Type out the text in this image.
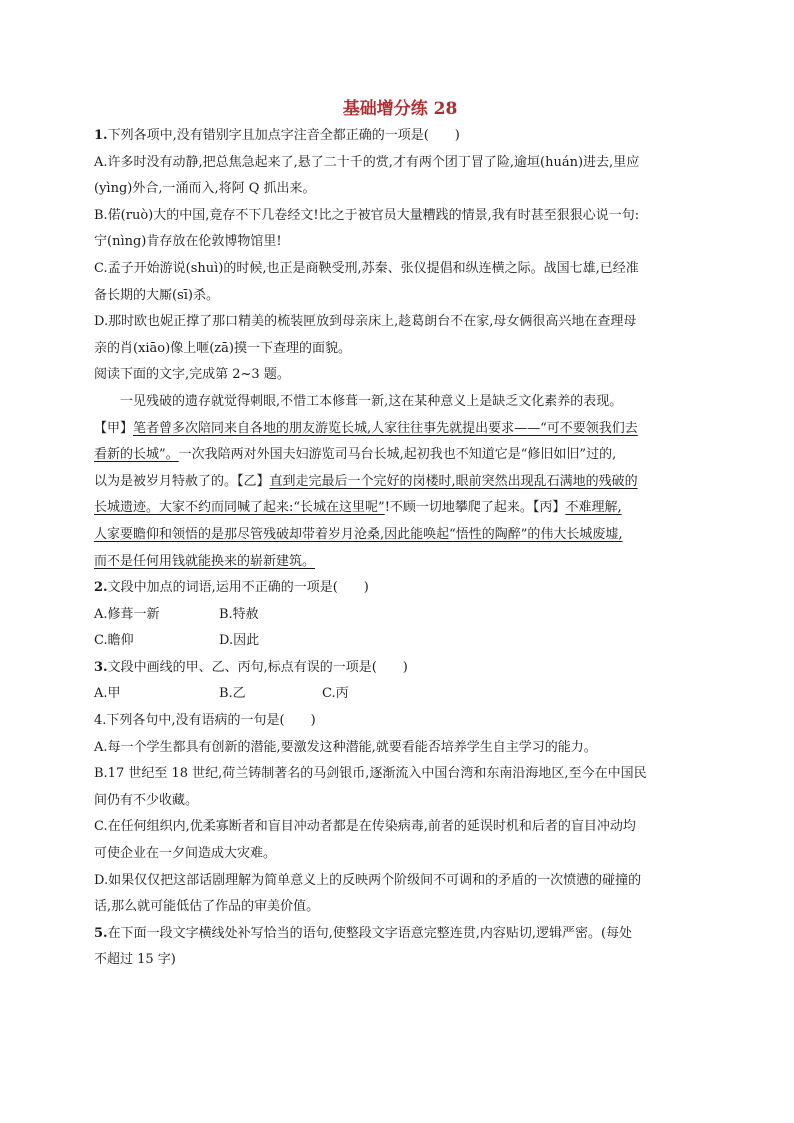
基础增分练 28
1.下列各项中,没有错别字且加点字注音全都正确的一项是(　　)
A.许多时没有动静,把总焦急起来了,悬了二十千的赏,才有两个团丁冒了险,逾垣(huán)进去,里应
(yìng)外合,一涌而入,将阿 Q 抓出来。
B.偌(ruò)大的中国,竟存不下几卷经文!比之于被官员大量糟践的情景,我有时甚至狠狠心说一句:
宁(nìng)肯存放在伦敦博物馆里!
C.孟子开始游说(shuì)的时候,也正是商鞅受刑,苏秦、张仪提倡和纵连横之际。战国七雄,已经准
备长期的大厮(sī)杀。
D.那时欧也妮正撑了那口精美的梳装匣放到母亲床上,趁葛朗台不在家,母女俩很高兴地在查理母
亲的肖(xiāo)像上咂(zā)摸一下查理的面貌。
阅读下面的文字,完成第 2~3 题。
一见残破的遗存就觉得刺眼,不惜工本修葺一新,这在某种意义上是缺乏文化素养的表现。
【甲】笔者曾多次陪同来自各地的朋友游览长城,人家往往事先就提出要求——“可不要领我们去
看新的长城”。一次我陪两对外国夫妇游览司马台长城,起初我也不知道它是“修旧如旧”过的,
以为是被岁月特赦了的。【乙】直到走完最后一个完好的岗楼时,眼前突然出现乱石满地的残破的
长城遗迹。大家不约而同喊了起来:“长城在这里呢”!不顾一切地攀爬了起来。【丙】不难理解,
人家要瞻仰和领悟的是那尽管残破却带着岁月沧桑,因此能唤起“悟性的陶醉”的伟大长城废墟,
而不是任何用钱就能换来的崭新建筑。
2.文段中加点的词语,运用不正确的一项是(　　)
A.修葺一新	B.特赦
C.瞻仰	D.因此
3.文段中画线的甲、乙、丙句,标点有误的一项是(　　)
A.甲	B.乙	C.丙
4.下列各句中,没有语病的一句是(　　)
A.每一个学生都具有创新的潜能,要激发这种潜能,就要看能否培养学生自主学习的能力。
B.17 世纪至 18 世纪,荷兰铸制著名的马剑银币,逐渐流入中国台湾和东南沿海地区,至今在中国民
间仍有不少收藏。
C.在任何组织内,优柔寡断者和盲目冲动者都是在传染病毒,前者的延误时机和后者的盲目冲动均
可使企业在一夕间造成大灾难。
D.如果仅仅把这部话剧理解为简单意义上的反映两个阶级间不可调和的矛盾的一次愤懑的碰撞的
话,那么就可能低估了作品的审美价值。
5.在下面一段文字横线处补写恰当的语句,使整段文字语意完整连贯,内容贴切,逻辑严密。(每处
不超过 15 字)
